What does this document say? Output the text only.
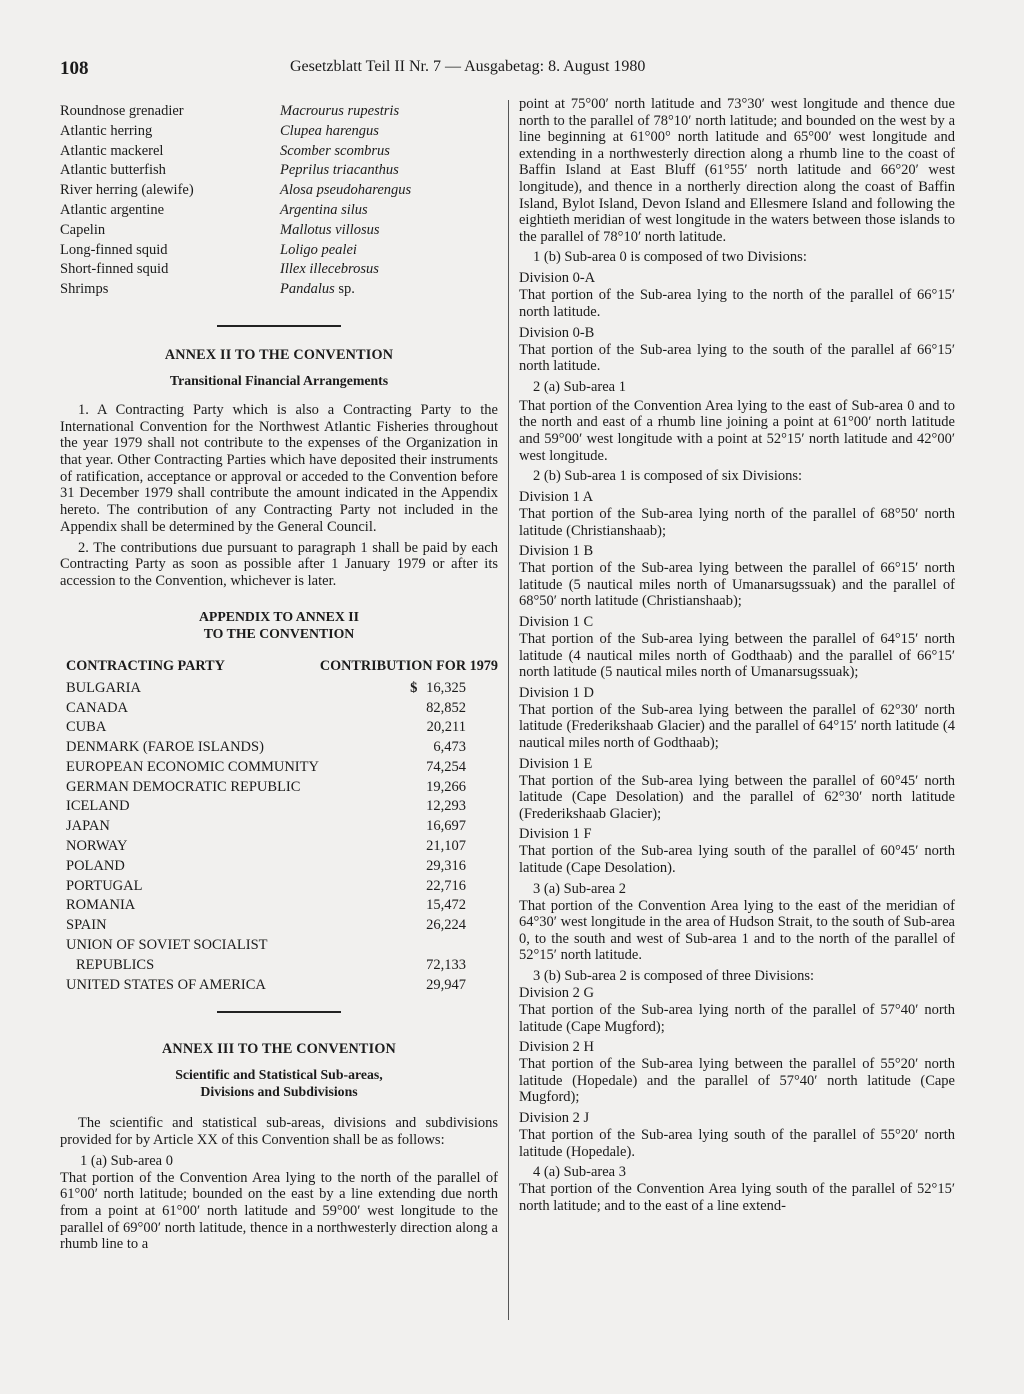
108	Gesetzblatt Teil II Nr. 7 — Ausgabetag: 8. August 1980
Roundnose grenadier	Macrourus rupestris
Atlantic herring	Clupea harengus
Atlantic mackerel	Scomber scombrus
Atlantic butterfish	Peprilus triacanthus
River herring (alewife)	Alosa pseudoharengus
Atlantic argentine	Argentina silus
Capelin	Mallotus villosus
Long-finned squid	Loligo pealei
Short-finned squid	Illex illecebrosus
Shrimps	Pandalus sp.
ANNEX II TO THE CONVENTION
Transitional Financial Arrangements

1. A Contracting Party which is also a Contracting Party to the International Convention for the Northwest Atlantic Fisheries throughout the year 1979 shall not contribute to the expenses of the Organization in that year. Other Contracting Parties which have deposited their instruments of ratification, acceptance or approval or acceded to the Convention before 31 December 1979 shall contribute the amount indicated in the Appendix hereto. The contribution of any Contracting Party not included in the Appendix shall be determined by the General Council.

2. The contributions due pursuant to paragraph 1 shall be paid by each Contracting Party as soon as possible after 1 January 1979 or after its accession to the Convention, whichever is later.

APPENDIX TO ANNEX II
TO THE CONVENTION
CONTRACTING PARTY	CONTRIBUTION FOR 1979
BULGARIA	$ 16,325
CANADA	82,852
CUBA	20,211
DENMARK (FAROE ISLANDS)	6,473
EUROPEAN ECONOMIC COMMUNITY	74,254
GERMAN DEMOCRATIC REPUBLIC	19,266
ICELAND	12,293
JAPAN	16,697
NORWAY	21,107
POLAND	29,316
PORTUGAL	22,716
ROMANIA	15,472
SPAIN	26,224

UNION OF SOVIET SOCIALIST
REPUBLICS	72,133
UNITED STATES OF AMERICA	29,947
ANNEX III TO THE CONVENTION
Scientific and Statistical Sub-areas,
Divisions and Subdivisions

The scientific and statistical sub-areas, divisions and subdivisions provided for by Article XX of this Convention shall be as follows:

1 (a) Sub-area 0

That portion of the Convention Area lying to the north of the parallel of 61°00′ north latitude; bounded on the east by a line extending due north from a point at 61°00′ north latitude and 59°00′ west longitude to the parallel of 69°00′ north latitude, thence in a northwesterly direction along a rhumb line to a

point at 75°00′ north latitude and 73°30′ west longitude and thence due north to the parallel of 78°10′ north latitude; and bounded on the west by a line beginning at 61°00° north latitude and 65°00′ west longitude and extending in a northwesterly direction along a rhumb line to the coast of Baffin Island at East Bluff (61°55′ north latitude and 66°20′ west longitude), and thence in a northerly direction along the coast of Baffin Island, Bylot Island, Devon Island and Ellesmere Island and following the eightieth meridian of west longitude in the waters between those islands to the parallel of 78°10′ north latitude.

1 (b) Sub-area 0 is composed of two Divisions:

Division 0-A

That portion of the Sub-area lying to the north of the parallel of 66°15′ north latitude.

Division 0-B

That portion of the Sub-area lying to the south of the parallel af 66°15′ north latitude.

2 (a) Sub-area 1

That portion of the Convention Area lying to the east of Sub-area 0 and to the north and east of a rhumb line joining a point at 61°00′ north latitude and 59°00′ west longitude with a point at 52°15′ north latitude and 42°00′ west longitude.

2 (b) Sub-area 1 is composed of six Divisions:

Division 1 A

That portion of the Sub-area lying north of the parallel of 68°50′ north latitude (Christianshaab);

Division 1 B

That portion of the Sub-area lying between the parallel of 66°15′ north latitude (5 nautical miles north of Umanarsugssuak) and the parallel of 68°50′ north latitude (Christianshaab);

Division 1 C

That portion of the Sub-area lying between the parallel of 64°15′ north latitude (4 nautical miles north of Godthaab) and the parallel of 66°15′ north latitude (5 nautical miles north of Umanarsugssuak);

Division 1 D

That portion of the Sub-area lying between the parallel of 62°30′ north latitude (Frederikshaab Glacier) and the parallel of 64°15′ north latitude (4 nautical miles north of Godthaab);

Division 1 E

That portion of the Sub-area lying between the parallel of 60°45′ north latitude (Cape Desolation) and the parallel of 62°30′ north latitude (Frederikshaab Glacier);

Division 1 F

That portion of the Sub-area lying south of the parallel of 60°45′ north latitude (Cape Desolation).

3 (a) Sub-area 2

That portion of the Convention Area lying to the east of the meridian of 64°30′ west longitude in the area of Hudson Strait, to the south of Sub-area 0, to the south and west of Sub-area 1 and to the north of the parallel of 52°15′ north latitude.

3 (b) Sub-area 2 is composed of three Divisions:

Division 2 G

That portion of the Sub-area lying north of the parallel of 57°40′ north latitude (Cape Mugford);

Division 2 H

That portion of the Sub-area lying between the parallel of 55°20′ north latitude (Hopedale) and the parallel of 57°40′ north latitude (Cape Mugford);

Division 2 J

That portion of the Sub-area lying south of the parallel of 55°20′ north latitude (Hopedale).

4 (a) Sub-area 3

That portion of the Convention Area lying south of the parallel of 52°15′ north latitude; and to the east of a line extend-
